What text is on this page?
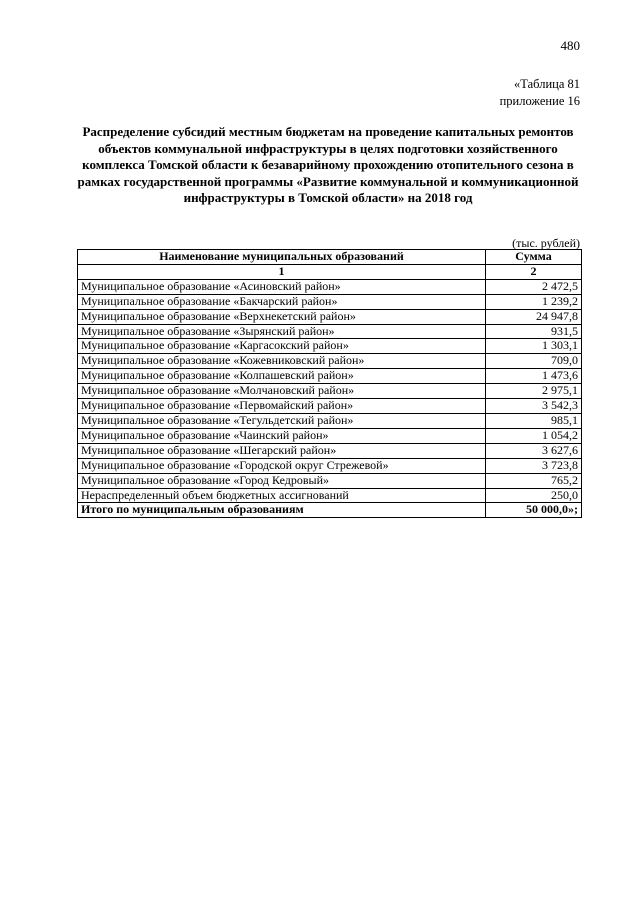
480
«Таблица 81
приложение 16
Распределение субсидий местным бюджетам на проведение капитальных ремонтов объектов коммунальной инфраструктуры в целях подготовки хозяйственного комплекса Томской области к безаварийному прохождению отопительного сезона в рамках государственной программы «Развитие коммунальной и коммуникационной инфраструктуры в Томской области» на 2018 год
(тыс. рублей)
Наименование муниципальных образований	Сумма
1	2
Муниципальное образование «Асиновский район»	2 472,5
Муниципальное образование «Бакчарский район»	1 239,2
Муниципальное образование «Верхнекетский район»	24 947,8
Муниципальное образование «Зырянский район»	931,5
Муниципальное образование «Каргасокский район»	1 303,1
Муниципальное образование «Кожевниковский район»	709,0
Муниципальное образование «Колпашевский район»	1 473,6
Муниципальное образование «Молчановский район»	2 975,1
Муниципальное образование «Первомайский район»	3 542,3
Муниципальное образование «Тегульдетский район»	985,1
Муниципальное образование «Чаинский район»	1 054,2
Муниципальное образование «Шегарский район»	3 627,6
Муниципальное образование «Городской округ Стрежевой»	3 723,8
Муниципальное образование «Город Кедровый»	765,2
Нераспределенный объем бюджетных ассигнований	250,0
Итого по муниципальным образованиям	50 000,0»;
